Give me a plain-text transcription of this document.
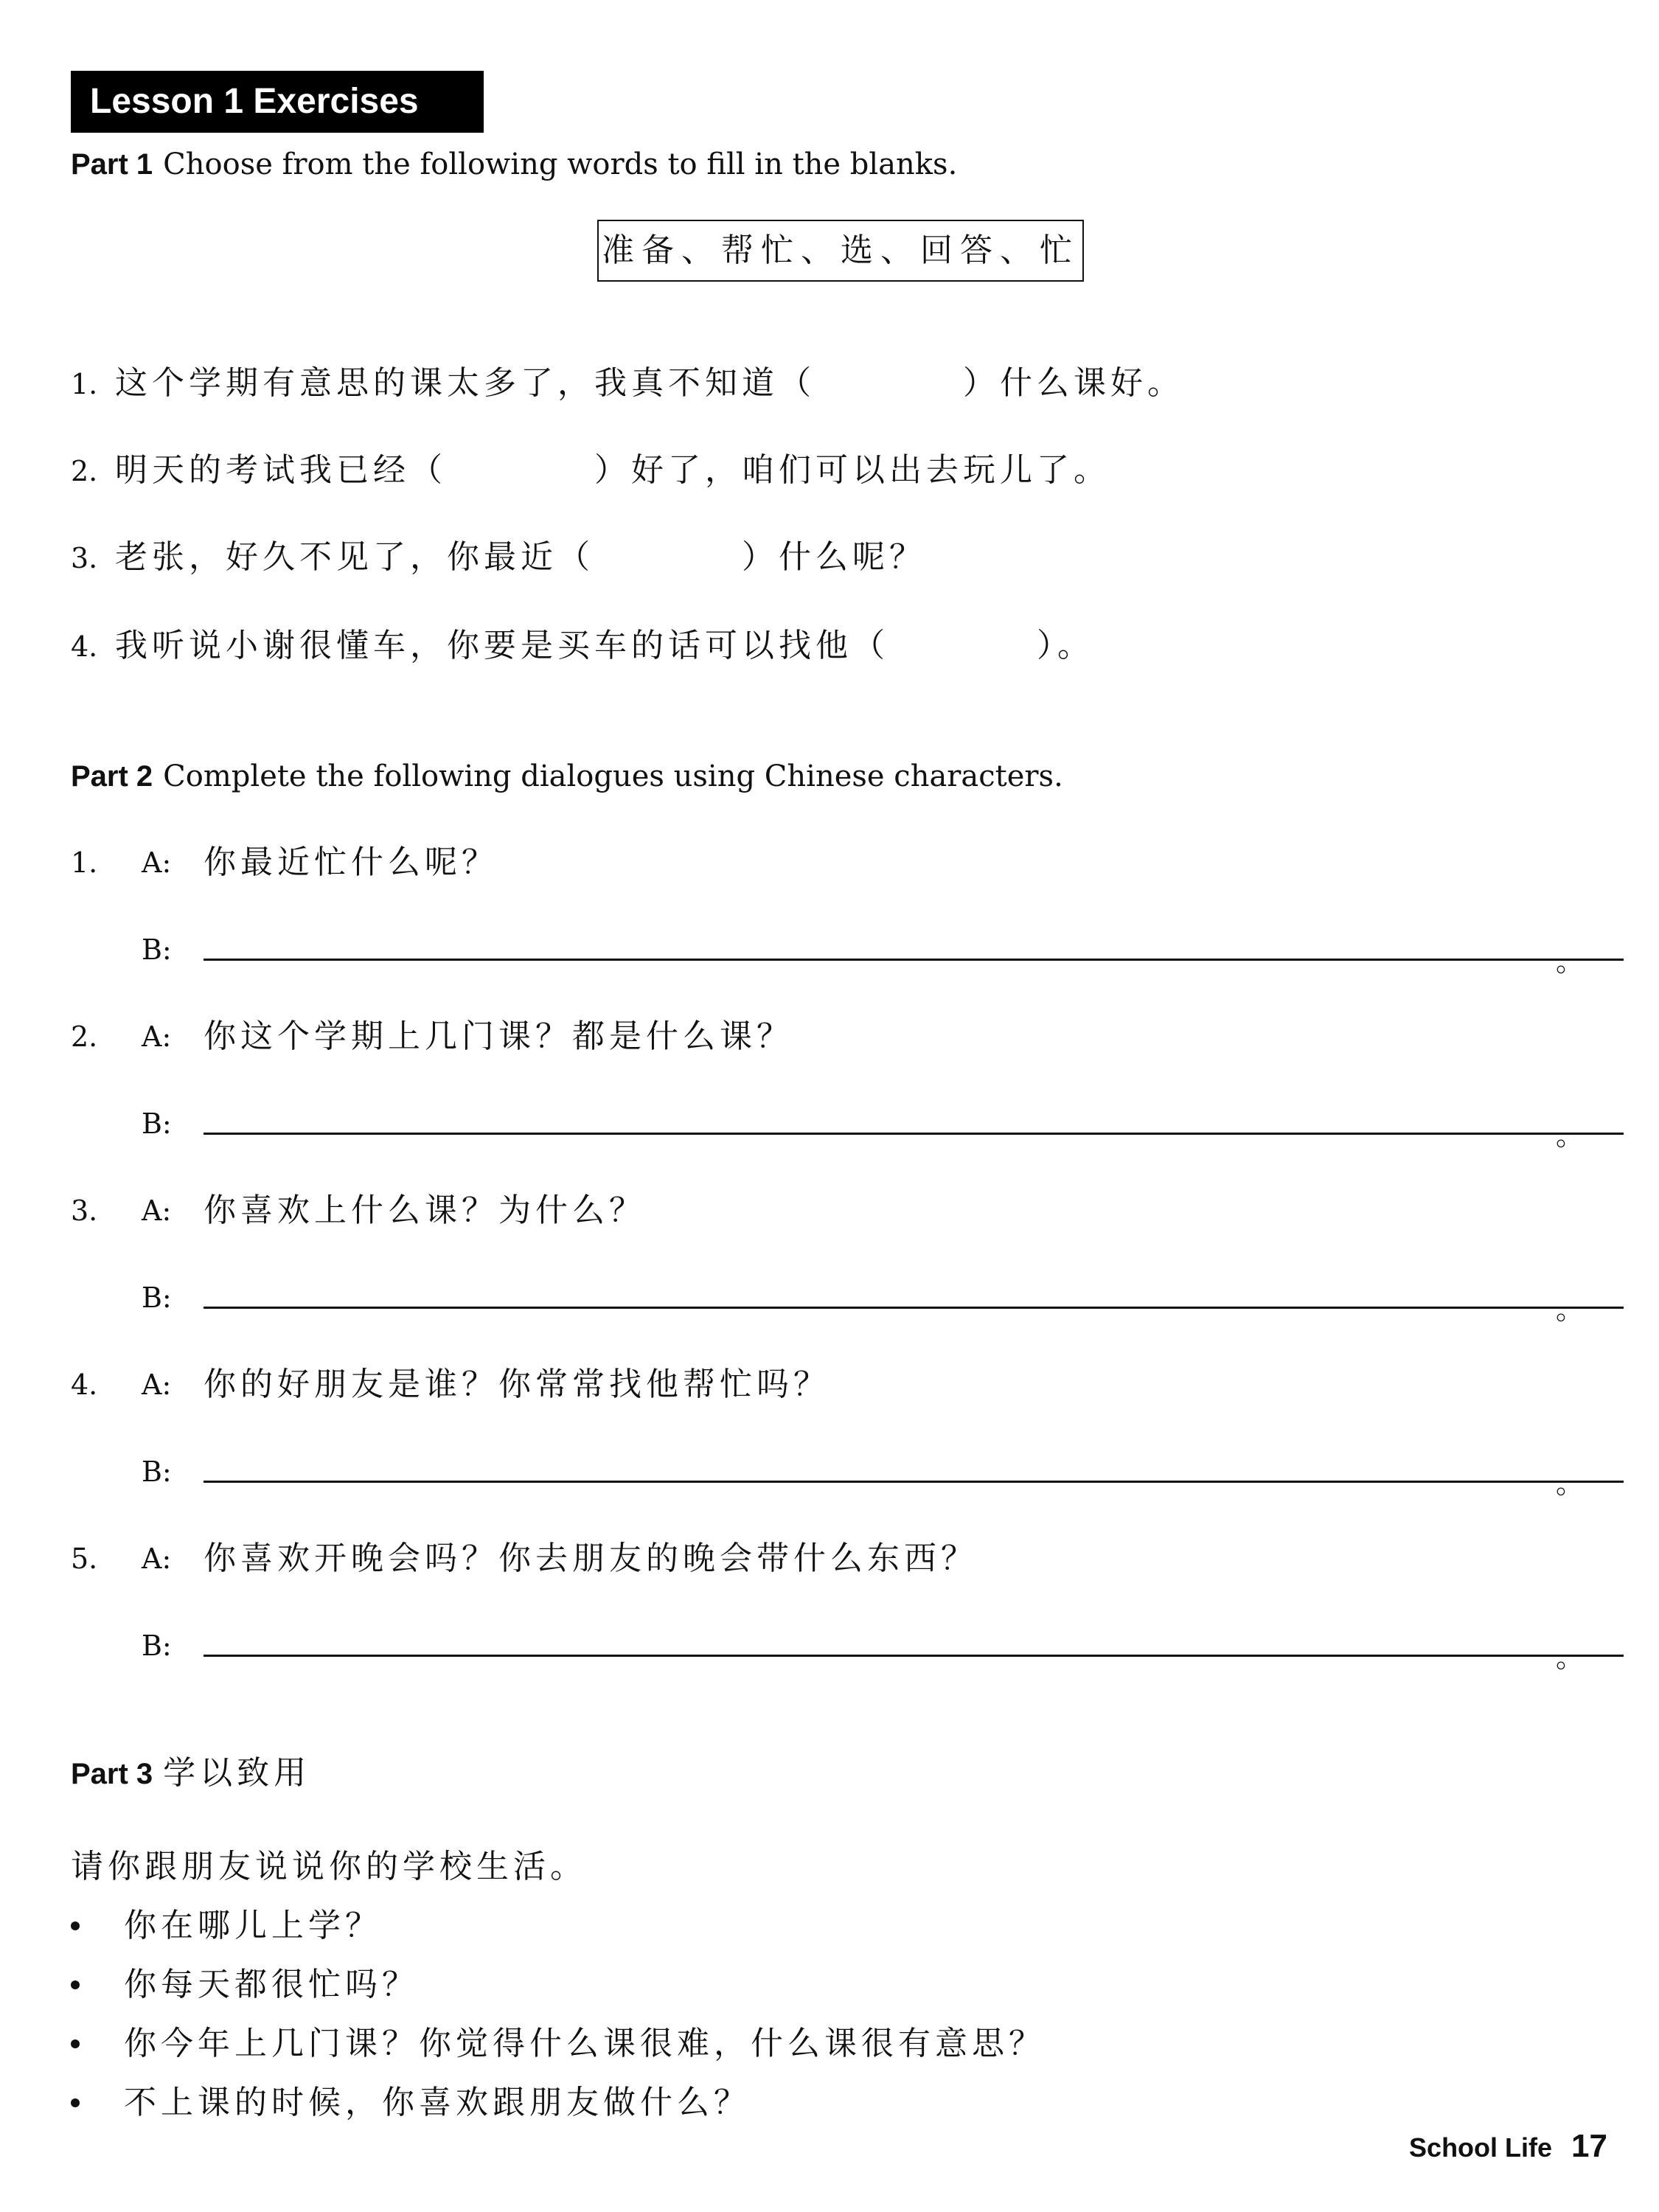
Lesson 1 Exercises
Part 1 Choose from the following words to fill in the blanks.
准备、帮忙、选、回答、忙
1. 这个学期有意思的课太多了，我真不知道（	）什么课好。
2. 明天的考试我已经（	）好了，咱们可以出去玩儿了。
3. 老张，好久不见了，你最近（	）什么呢？
4. 我听说小谢很懂车，你要是买车的话可以找他（	）。
Part 2 Complete the following dialogues using Chinese characters.
1. A: 你最近忙什么呢？
B:	。
2. A: 你这个学期上几门课？都是什么课？
B:	。
3. A: 你喜欢上什么课？为什么？
B:	。
4. A: 你的好朋友是谁？你常常找他帮忙吗？
B:	。
5. A: 你喜欢开晚会吗？你去朋友的晚会带什么东西？
B:	。
Part 3 学以致用
请你跟朋友说说你的学校生活。
你在哪儿上学？
你每天都很忙吗？
你今年上几门课？你觉得什么课很难，什么课很有意思？
不上课的时候，你喜欢跟朋友做什么？
School Life 17
